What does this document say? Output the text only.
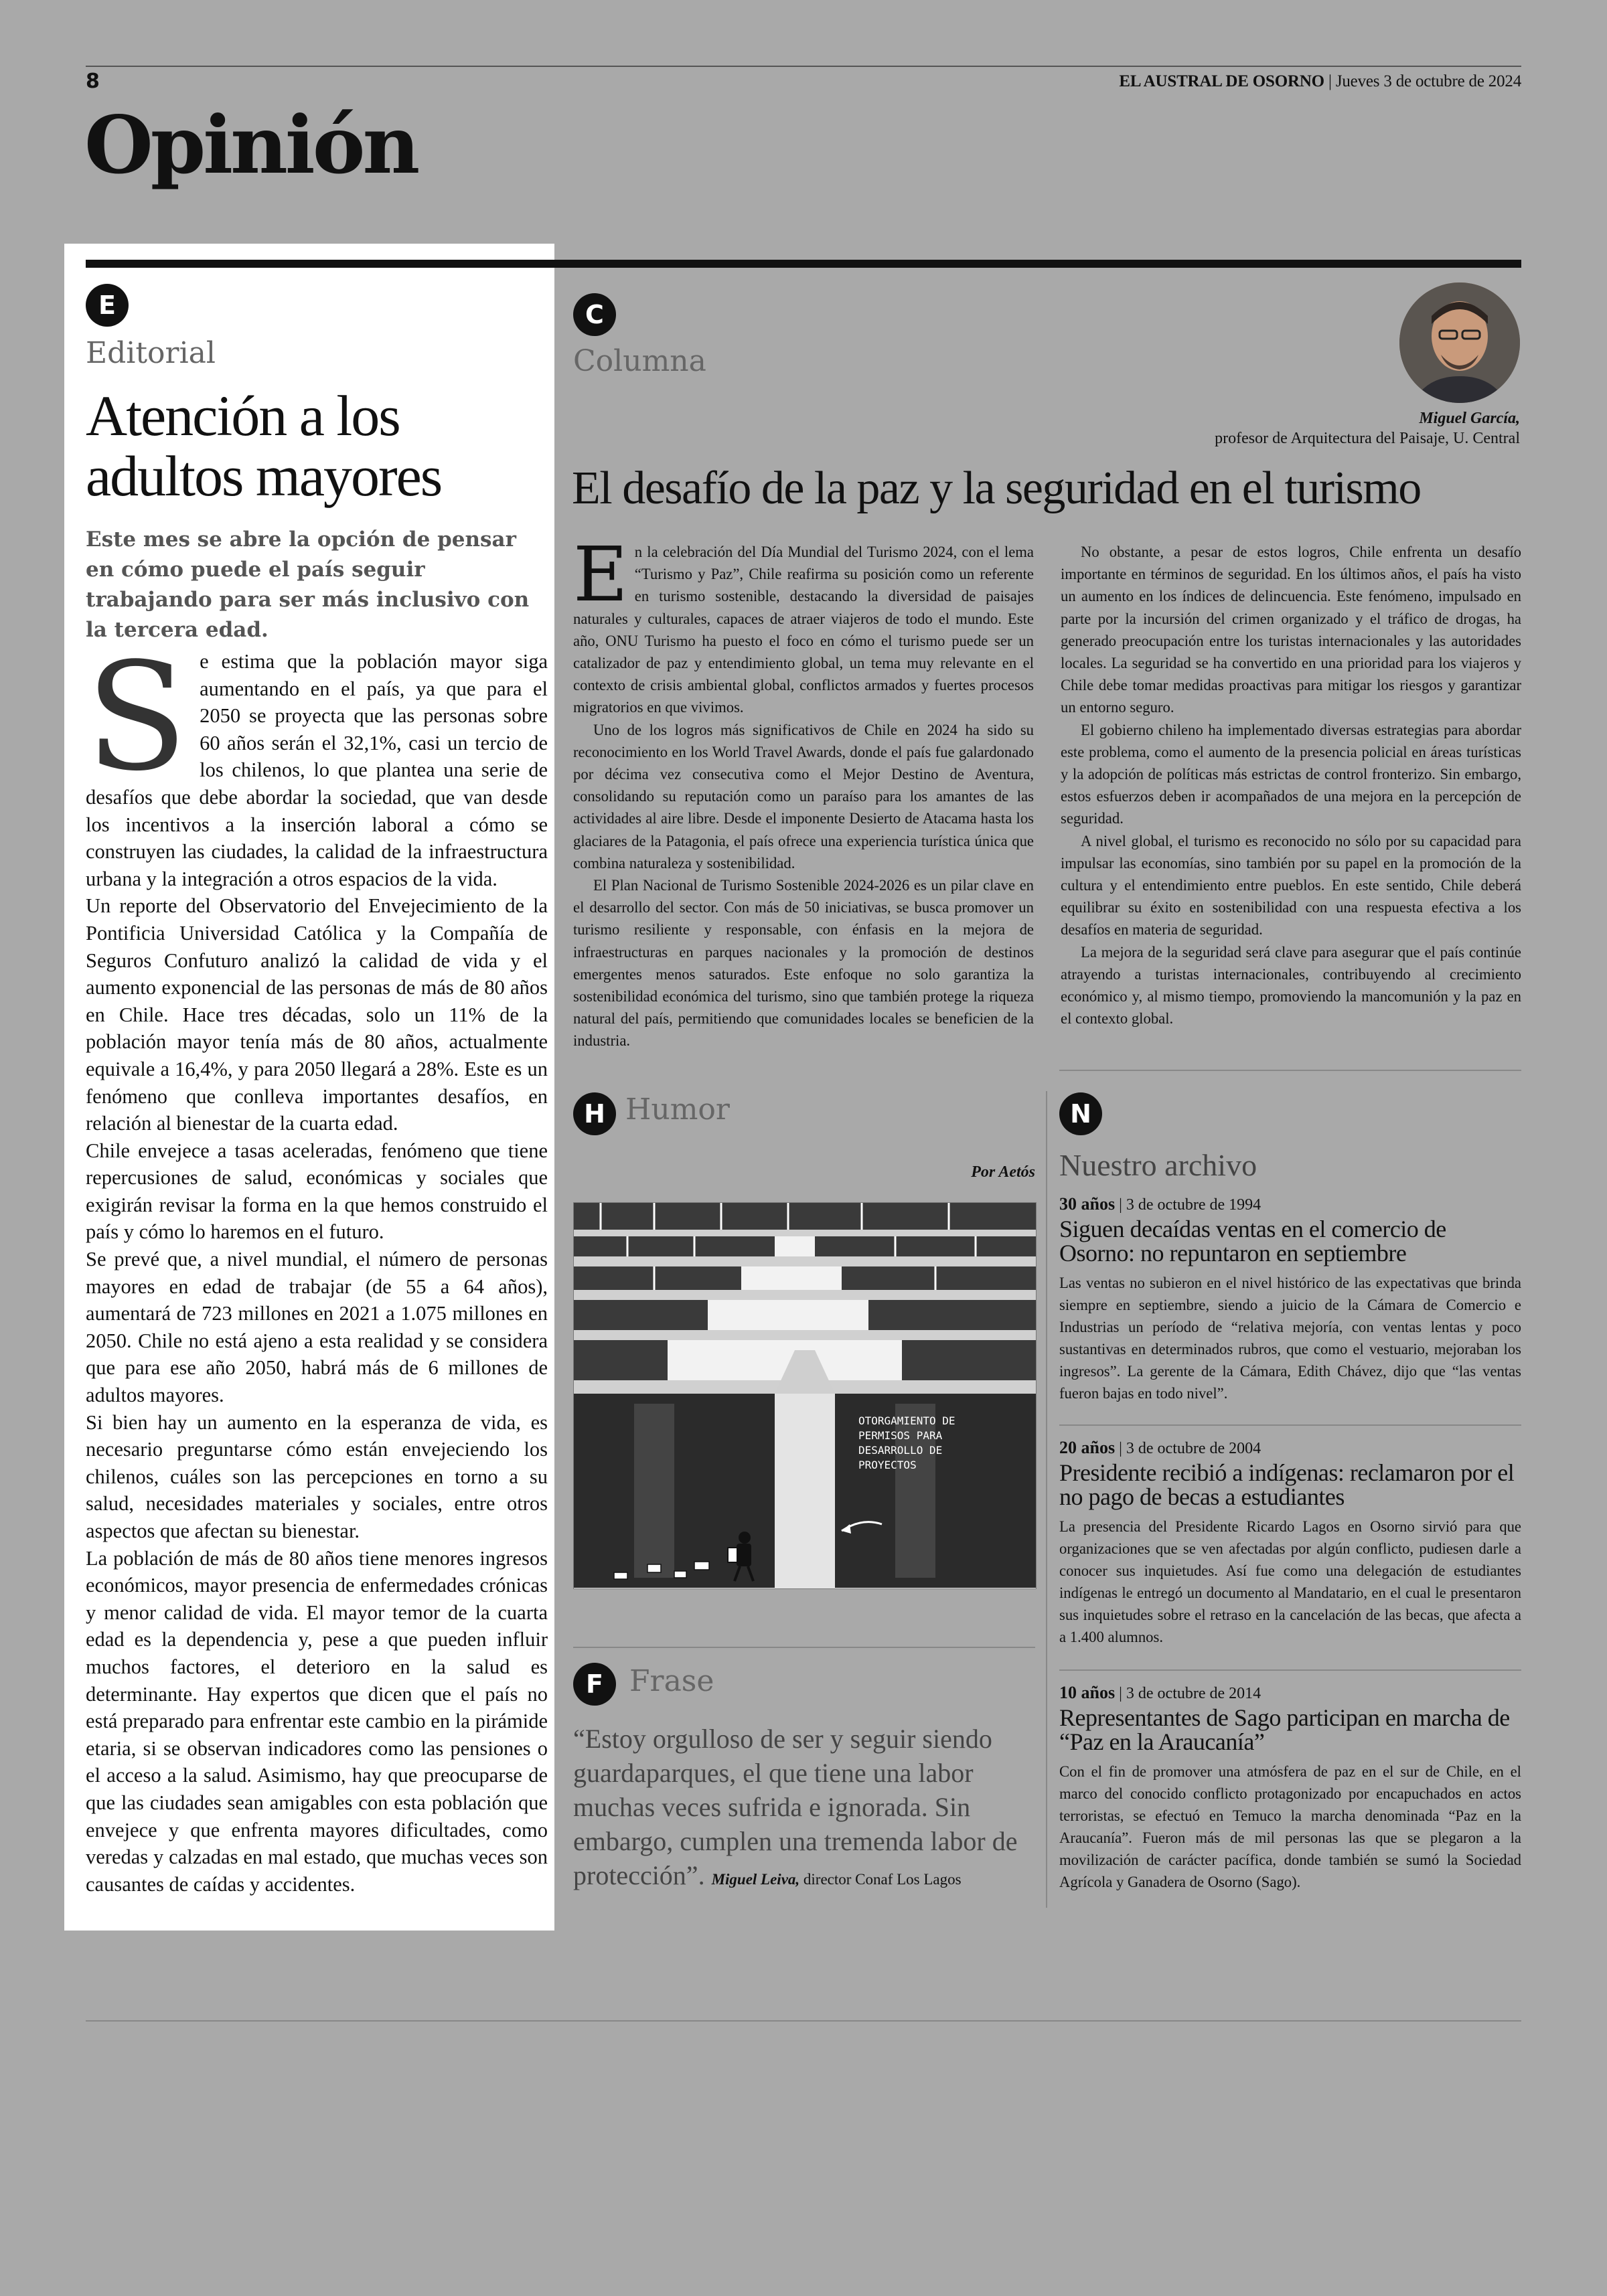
8	EL AUSTRAL DE OSORNO | Jueves 3 de octubre de 2024
Opinión
E
Editorial
Atención a los adultos mayores
Este mes se abre la opción de pensar en cómo puede el país seguir trabajando para ser más inclusivo con la tercera edad.
S e estima que la población mayor siga aumentando en el país, ya que para el 2050 se proyecta que las personas sobre 60 años serán el 32,1%, casi un tercio de los chilenos, lo que plantea una serie de desafíos que debe abordar la sociedad, que van desde los incentivos a la inserción laboral a cómo se construyen las ciudades, la calidad de la infraestructura urbana y la integración a otros espacios de la vida.

Un reporte del Observatorio del Envejecimiento de la Pontificia Universidad Católica y la Compañía de Seguros Confuturo analizó la calidad de vida y el aumento exponencial de las personas de más de 80 años en Chile. Hace tres décadas, solo un 11% de la población mayor tenía más de 80 años, actualmente equivale a 16,4%, y para 2050 llegará a 28%. Este es un fenómeno que conlleva importantes desafíos, en relación al bienestar de la cuarta edad.

Chile envejece a tasas aceleradas, fenómeno que tiene repercusiones de salud, económicas y sociales que exigirán revisar la forma en la que hemos construido el país y cómo lo haremos en el futuro.

Se prevé que, a nivel mundial, el número de personas mayores en edad de trabajar (de 55 a 64 años), aumentará de 723 millones en 2021 a 1.075 millones en 2050. Chile no está ajeno a esta realidad y se considera que para ese año 2050, habrá más de 6 millones de adultos mayores.

Si bien hay un aumento en la esperanza de vida, es necesario preguntarse cómo están envejeciendo los chilenos, cuáles son las percepciones en torno a su salud, necesidades materiales y sociales, entre otros aspectos que afectan su bienestar.

La población de más de 80 años tiene menores ingresos económicos, mayor presencia de enfermedades crónicas y menor calidad de vida. El mayor temor de la cuarta edad es la dependencia y, pese a que pueden influir muchos factores, el deterioro en la salud es determinante. Hay expertos que dicen que el país no está preparado para enfrentar este cambio en la pirámide etaria, si se observan indicadores como las pensiones o el acceso a la salud. Asimismo, hay que preocuparse de que las ciudades sean amigables con esta población que envejece y que enfrenta mayores dificultades, como veredas y calzadas en mal estado, que muchas veces son causantes de caídas y accidentes.

C
Columna
Miguel García,
profesor de Arquitectura del Paisaje, U. Central
El desafío de la paz y la seguridad en el turismo

En la celebración del Día Mundial del Turismo 2024, con el lema “Turismo y Paz”, Chile reafirma su posición como un referente en turismo sostenible, destacando la diversidad de paisajes naturales y culturales, capaces de atraer viajeros de todo el mundo. Este año, ONU Turismo ha puesto el foco en cómo el turismo puede ser un catalizador de paz y entendimiento global, un tema muy relevante en el contexto de crisis ambiental global, conflictos armados y fuertes procesos migratorios en que vivimos.

Uno de los logros más significativos de Chile en 2024 ha sido su reconocimiento en los World Travel Awards, donde el país fue galardonado por décima vez consecutiva como el Mejor Destino de Aventura, consolidando su reputación como un paraíso para los amantes de las actividades al aire libre. Desde el imponente Desierto de Atacama hasta los glaciares de la Patagonia, el país ofrece una experiencia turística única que combina naturaleza y sostenibilidad.

El Plan Nacional de Turismo Sostenible 2024-2026 es un pilar clave en el desarrollo del sector. Con más de 50 iniciativas, se busca promover un turismo resiliente y responsable, con énfasis en la mejora de infraestructuras en parques nacionales y la promoción de destinos emergentes menos saturados. Este enfoque no solo garantiza la sostenibilidad económica del turismo, sino que también protege la riqueza natural del país, permitiendo que comunidades locales se beneficien de la industria.

No obstante, a pesar de estos logros, Chile enfrenta un desafío importante en términos de seguridad. En los últimos años, el país ha visto un aumento en los índices de delincuencia. Este fenómeno, impulsado en parte por la incursión del crimen organizado y el tráfico de drogas, ha generado preocupación entre los turistas internacionales y las autoridades locales. La seguridad se ha convertido en una prioridad para los viajeros y Chile debe tomar medidas proactivas para mitigar los riesgos y garantizar un entorno seguro.

El gobierno chileno ha implementado diversas estrategias para abordar este problema, como el aumento de la presencia policial en áreas turísticas y la adopción de políticas más estrictas de control fronterizo. Sin embargo, estos esfuerzos deben ir acompañados de una mejora en la percepción de seguridad.

A nivel global, el turismo es reconocido no sólo por su capacidad para impulsar las economías, sino también por su papel en la promoción de la cultura y el entendimiento entre pueblos. En este sentido, Chile deberá equilibrar su éxito en sostenibilidad con una respuesta efectiva a los desafíos en materia de seguridad.

La mejora de la seguridad será clave para asegurar que el país continúe atrayendo a turistas internacionales, contribuyendo al crecimiento económico y, al mismo tiempo, promoviendo la mancomunión y la paz en el contexto global.

H Humor
Por Aetós
OTORGAMIENTO DE PERMISOS PARA DESARROLLO DE PROYECTOS
F Frase
“Estoy orgulloso de ser y seguir siendo guardaparques, el que tiene una labor muchas veces sufrida e ignorada. Sin embargo, cumplen una tremenda labor de protección”. Miguel Leiva, director Conaf Los Lagos
N
Nuestro archivo
30 años | 3 de octubre de 1994
Siguen decaídas ventas en el comercio de Osorno: no repuntaron en septiembre
Las ventas no subieron en el nivel histórico de las expectativas que brinda siempre en septiembre, siendo a juicio de la Cámara de Comercio e Industrias un período de “relativa mejoría, con ventas lentas y poco sustantivas en determinados rubros, que como el vestuario, mejoraban los ingresos”. La gerente de la Cámara, Edith Chávez, dijo que “las ventas fueron bajas en todo nivel”.
20 años | 3 de octubre de 2004
Presidente recibió a indígenas: reclamaron por el no pago de becas a estudiantes
La presencia del Presidente Ricardo Lagos en Osorno sirvió para que organizaciones que se ven afectadas por algún conflicto, pudiesen darle a conocer sus inquietudes. Así fue como una delegación de estudiantes indígenas le entregó un documento al Mandatario, en el cual le presentaron sus inquietudes sobre el retraso en la cancelación de las becas, que afecta a a 1.400 alumnos.
10 años | 3 de octubre de 2014
Representantes de Sago participan en marcha de “Paz en la Araucanía”
Con el fin de promover una atmósfera de paz en el sur de Chile, en el marco del conocido conflicto protagonizado por encapuchados en actos terroristas, se efectuó en Temuco la marcha denominada “Paz en la Araucanía”. Fueron más de mil personas las que se plegaron a la movilización de carácter pacífica, donde también se sumó la Sociedad Agrícola y Ganadera de Osorno (Sago).
